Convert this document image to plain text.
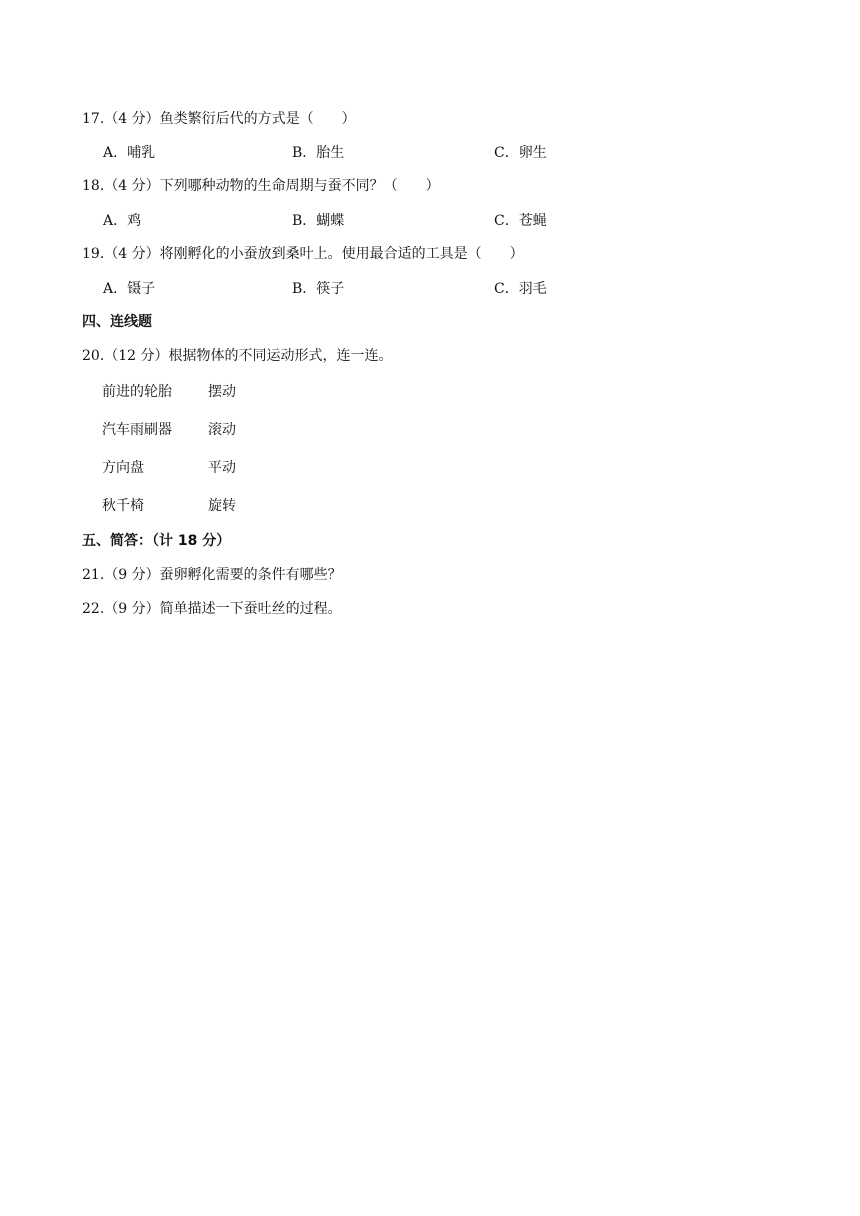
17.（4 分）鱼类繁衍后代的方式是（　　）
A．哺乳	B．胎生	C．卵生
18.（4 分）下列哪种动物的生命周期与蚕不同？（　　）
A．鸡	B．蝴蝶	C．苍蝇
19.（4 分）将刚孵化的小蚕放到桑叶上。使用最合适的工具是（　　）
A．镊子	B．筷子	C．羽毛
四、连线题
20.（12 分）根据物体的不同运动形式，连一连。
前进的轮胎	摆动
汽车雨刷器	滚动
方向盘	平动
秋千椅	旋转
五、简答：（计 18 分）
21.（9 分）蚕卵孵化需要的条件有哪些？
22.（9 分）简单描述一下蚕吐丝的过程。
